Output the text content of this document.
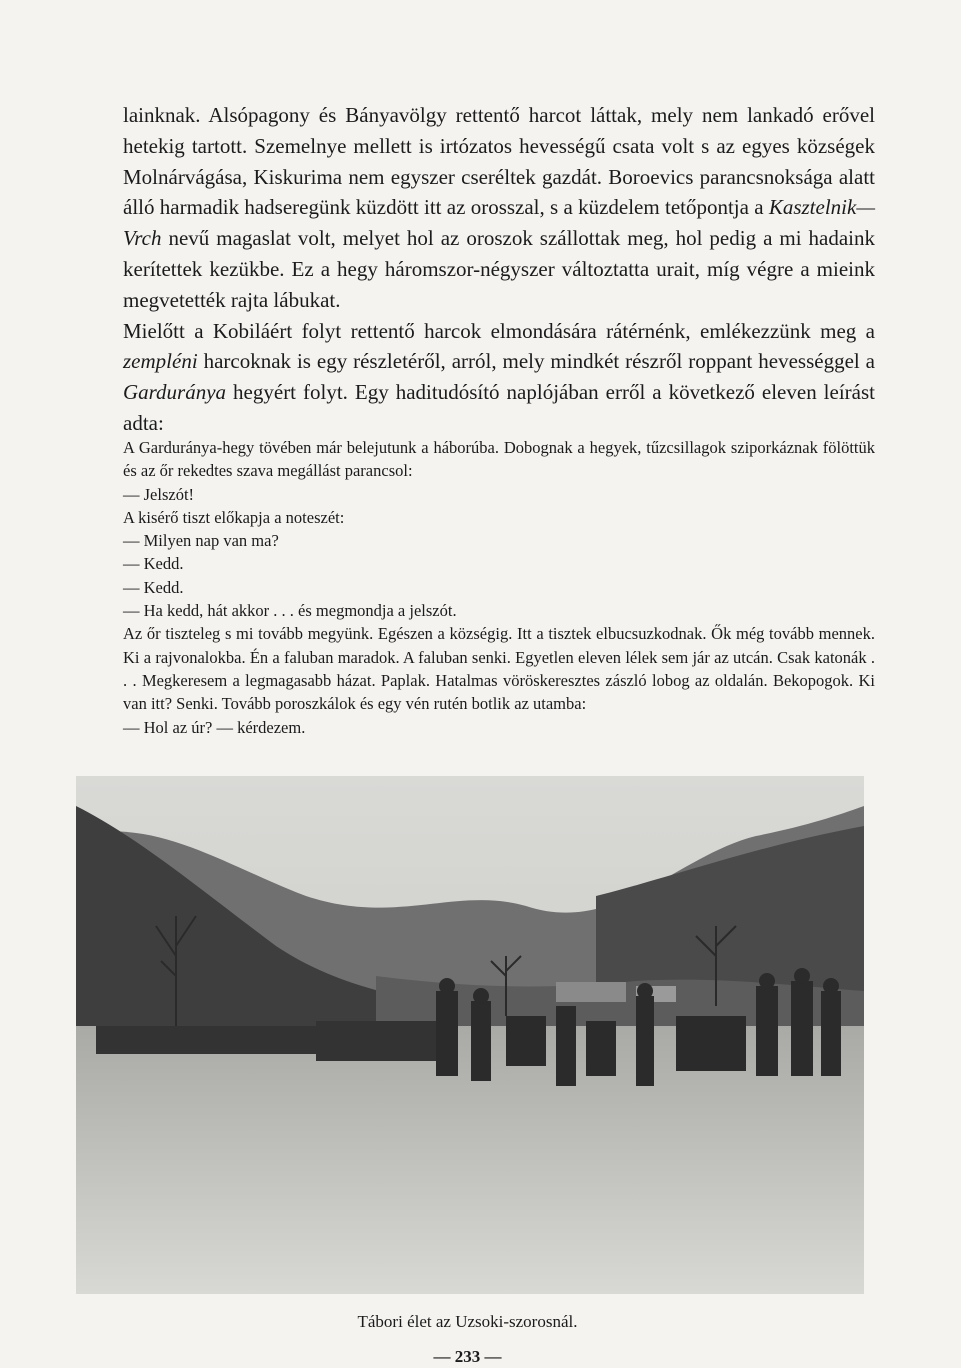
lainknak. Alsópagony és Bányavölgy rettentő harcot láttak, mely nem lankadó erővel hetekig tartott. Szemelnye mellett is irtózatos hevességű csata volt s az egyes községek Molnárvágása, Kiskurima nem egyszer cseréltek gazdát. Boroevics parancsnoksága alatt álló harmadik hadseregünk küzdött itt az orosszal, s a küzdelem tetőpontja a Kasztelnik—Vrch nevű magaslat volt, melyet hol az oroszok szállottak meg, hol pedig a mi hadaink kerítettek kezükbe. Ez a hegy háromszor-négyszer változtatta urait, míg végre a mieink megvetették rajta lábukat.

Mielőtt a Kobiláért folyt rettentő harcok elmondására rátérnénk, emlékezzünk meg a zempléni harcoknak is egy részletéről, arról, mely mindkét részről roppant hevességgel a Gardurányа hegyért folyt. Egy haditudósító naplójában erről a következő eleven leírást adta:

A Gardurányа-hegy tövében már belejutunk a háborúba. Dobognak a hegyek, tűzcsillagok sziporkáznak fölöttük és az őr rekedtes szava megállást parancsol:

— Jelszót!

A kisérő tiszt előkapja a noteszét:

— Milyen nap van ma?

— Kedd.

— Kedd.

— Ha kedd, hát akkor . . . és megmondja a jelszót.

Az őr tiszteleg s mi tovább megyünk. Egészen a községig. Itt a tisztek elbucsuzkodnak. Ők még tovább mennek. Ki a rajvonalokba. Én a faluban maradok. A faluban senki. Egyetlen eleven lélek sem jár az utcán. Csak katonák . . . Megkeresem a legmagasabb házat. Paplak. Hatalmas vöröskeresztes zászló lobog az oldalán. Bekopogok. Ki van itt? Senki. Tovább poroszkálok és egy vén rutén botlik az utamba:

— Hol az úr? — kérdezem.

Tábori élet az Uzsoki-szorosnál.
— 233 —
